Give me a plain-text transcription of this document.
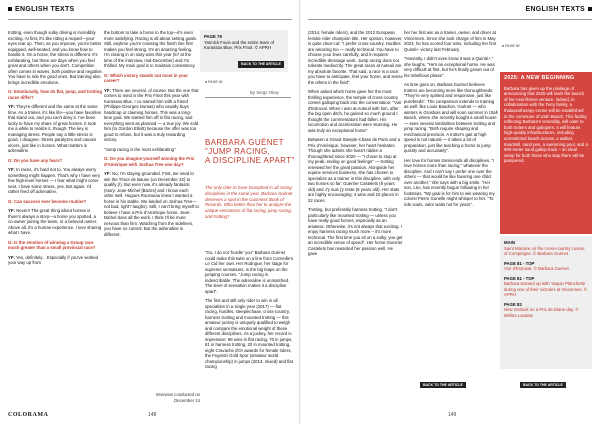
ENGLISH TEXTS

trotting, even though sulky driving is incredibly exciting. At first, it's like riding a moped—your eyes tear up. Then, as you improve, you're better equipped, well-seated, and you know how to handle it. On a horse, the stress is different. It's exhilarating, but there are days when you feel great and others when you don't. Competition often comes in waves, both positive and negative. You have to ride the good ones. But training also brings incredible emotions.

G: Emotionally, how do flat, jump, and trotting races differ?

YF: They're different and the same at the same time. As a trainer, it's like life—you have favorites that stand out, and you can't deny it. I've been lucky to have my share of great horses. It took me a while to realize it, though. The key is managing stress. People say a little stress is good, I disagree. Stress paralyzes and causes ulcers, just like in horses. What matters is adrenaline.

G: Do you have any fears?

YF: In races, it's hard not to. You always worry something might happen. That's why I have very few high-level horses — I fear what might come next. I have some stress, yes. But again, I'd rather feed off adrenaline.

G: Can success ever become routine?

YF: Never!! The great thing about horses is there's always a story—a horse you spotted, a co-owner joining the team, or a beloved owner. Above all, it's a human experience. I love sharing what I have.

G: Is the emotion of winning a Group race much greater than a small provincial race?

YF: Yes, definitely... Especially if you've worked your way up from

the bottom to take a horse to the top—it's even more satisfying. Racing is all about setting goals. Still, anytime you're crossing the finish line first makes you feel strong. It's an amazing feeling. I'm closing in on sixty wins this year (57 at the time of the interview, mid-December) and I'm thrilled. My main goal is to maintain consistency.

G: Which victory stands out most in your career?

YF: There are several, of course. But the one that comes to mind is the Prix Finot this year with Kurassao Blue. I co-owned him with a friend (Philippe-Georges Dumas) who usually buys handicap or claiming horses. This was a long-time goal. We started him off in flat racing, and everything went as planned — a true joy. We sold him (to Gordon Elliott) because the offer was too good to refuse, but it was a truly rewarding victory.

"Jump racing is the most exhilarating"

G: Do you imagine yourself winning the Prix d'Amérique with Joshua Tree one day?

YF: No, I'm staying grounded. First, we need to win the Ténor de Baune (on December 22) to qualify (!). But even now, it's already fantastic (story: Jean-Michel [Bazire] and I know each other well. Hugues Rousseau knew I wanted a horse in his stable. We landed on Joshua Tree—not bad, right? laughs). Still, I can't bring myself to believe I have a Prix d'Amérique horse. Jean-Michel does all the work. I think I'll be more nervous than him. Watching from the sidelines, you have no control. But the adrenaline is different.

Interview conducted on December 14
PAGE 79
Yannick Fouin and the entire team of Kurassao Blue, Prix Finot. © APRH
BACK TO THE ARTICLE
■ PAGE 80
By Serge Okay
BARBARA GUÉNET
"JUMP RACING,
A DISCIPLINE APART"
The only rider to have triumphed in all racing disciplines in the same year, Barbara Guénet deserves a spot in the Guinness Book of Records. Who better than her to analyze the unique sensations of flat racing, jump racing, and trotting?

"Go, I do not 'hurdle' you" Barbara Guénet could make this twist on a line from Corneille's Le Cid her own. Her Rodrigue, her stage for supreme sensations, is the big leaps on the jumping courses. "Jump racing is indescribable. The adrenaline is unmatched. The level of sensation makes it a discipline apart".

The first and still only rider to win in all specialties in a single year (2017) — flat racing, hurdles, steeplechase, cross-country, harness trotting and mounted trotting — this amateur jockey is uniquely qualified to weigh and compare the emotional weight of these different disciplines. As a jockey, her record is impressive: 98 wins in flat racing, 70 in jumps, 61 in harness trotting, 20 in mounted trotting, eight Cravache d'Or awards for female riders, the Fegentri Gold Spur (amateur world championship) in jumps (2013, mixed) and flat racing

COLORAMA	148
ENGLISH TEXTS

(2014, female riders), and the 2012 European female rider champion title. Her opinion, however, is quite clear-cut: "I prefer cross-country. Hurdles are amazing too — really technical. You have to choose your lines carefully, and it requires incredible dressage work. Jump racing does not tolerate mediocrity. The great races at Auteuil are my absolute favorite. That said, a race is a race: you have to anticipate, feel your horse, and sense the others in the field".

When asked which horse gave her the most thrilling experience, the temple of cross-country comes galloping back into the conversation: "Voir d'Estruval. When I won at Auteuil with him, after the big open ditch, he gained so much ground I thought the commentators had fallen. His locomotion and acceleration were stunning. He was truly an exceptional horse".

Between a Grand Steeple-Chase de Paris and a Prix d'Amérique, however, her heart hesitates. Though she admits she hasn't ridden a thoroughbred since 2020 — "I chose to stop at my peak, ending on good feelings" — trotting renewed her the great passion. Alongside her equine services business, she has chosen to specialize as a trainer in this discipline, with only two horses so far: Guerrier Castelets (9 years old) and J'y suis j'y reste (6 years old). Her stats are highly encouraging: 4 wins and 10 places in 22 races.

Trotting, but preferably harness trotting. "I don't particularly like mounted trotting — unless you have really good horses, especially as an amateur. Otherwise, it's not always that exciting. I enjoy harness racing much more – it's more technical. The first time you sit on a sulky, you get an incredible sense of speed". Her horse Guerrier Castelets has rewarded her passion well. He gave

her her first win as a trainer, owner, and driver at Vincennes. Since she took charge of him in May 2023, he has scored four wins, including her first Quinté+ victory last February.

"Honestly, I didn't even know it was a Quinté+," she laughs. "He's an exceptional horse. He was very difficult at first, but he's finally grown out of his rebellious phase".

As time goes on, Barbara Guénet believes trotters are becoming more like thoroughbreds. "They're very spirited and responsive, just like purebreds". The comparison extends to training as well: like Louis Baudron, Guénet — who winters in Grosbois and will soon summer in Utah Beach, where she recently bought a small house — sees several similarities between trotting and jump racing. "Both require shaping and mechanical precision. A trotter's gait at high speed is not natural — it takes a lot of preparation, just like teaching a horse to jump quickly and accurately".

Her love for horses transcends all disciplines. "I love horses more than racing," whatever the discipline. And I can't say I prefer one over the others — that would be like favoring one child over another," she says with a big smile. "Her son, Léo, has recently begun following in her footsteps. "My goal is for him to win wearing my colors! Pierre Gonelle might whisper to her, "To ride souls, valor waits not for years".

BACK TO THE ARTICLE	BACK TO THE ARTICLE
149
■ PAGE 82
2025: A NEW BEGINNING
Barbara has given up the privilege of announcing that 2025 will mark the launch of her new fitness venture. Indeed, in collaboration with the Terry family, a thalassotherapy center will be established in the commune of Utah Beach. This facility, reflecting Barbara's versatility, will cater to both trotters and gallopers. It will feature high-quality infrastructures, including unrestricted beach access, a walker, treadmill, sand pen, a swimming pool, and a 900-meter sand gallop track – an ideal setup for both those who stay there will be pampered.
MAIN
Saint Macaire on the cross-country course of Compiègne. © Barbara Guénet
PAGE 81 - TOP
Voir d'Estruval. © Barbara Guénet
PAGE 81 - TOP
Barbara teamed up with Yaquio Planchette during one of their victories at Vincennes. © APRH
PAGE 82
New Outlook on a Prix de Diane day. © Mélina Landais
